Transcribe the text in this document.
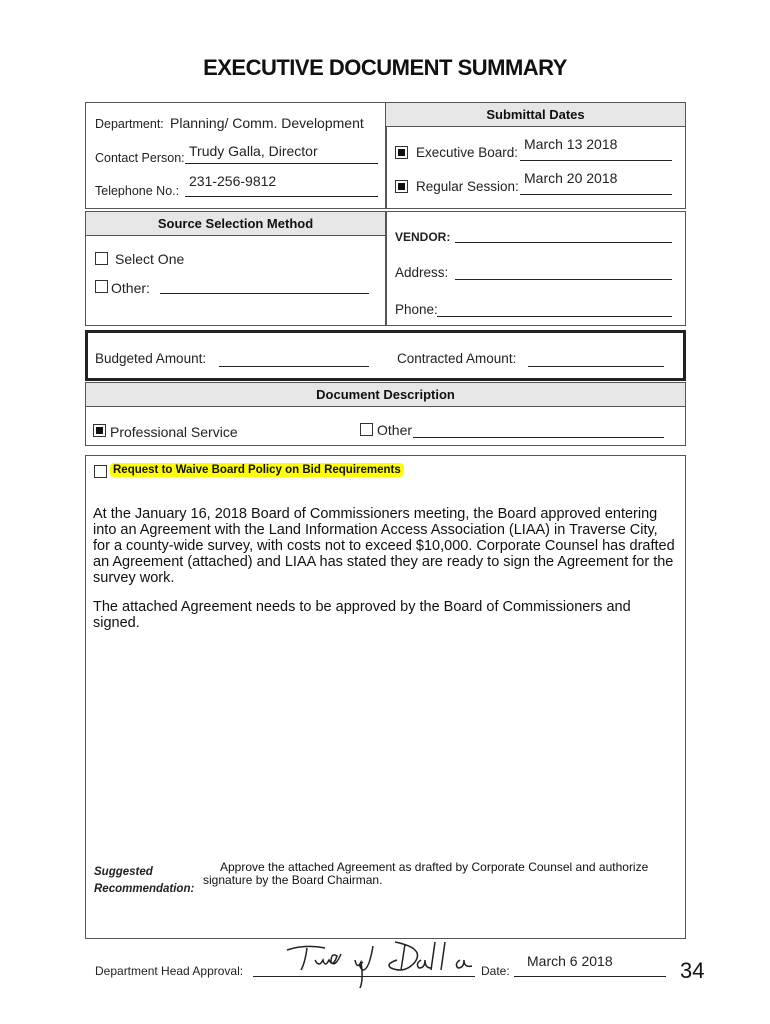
EXECUTIVE DOCUMENT SUMMARY
Submittal Dates
Department: Planning/ Comm. Development
Contact Person: Trudy Galla, Director
Telephone No.:
231-256-9812
Executive Board:
March 13 2018
Regular Session:
March 20 2018
Source Selection Method
Select One
Other:
VENDOR:
Address:
Phone:
Budgeted Amount:	Contracted Amount:
Document Description
Professional Service	Other
Request to Waive Board Policy on Bid Requirements
At the January 16, 2018 Board of Commissioners meeting, the Board approved entering into an Agreement with the Land Information Access Association (LIAA) in Traverse City, for a county-wide survey, with costs not to exceed $10,000. Corporate Counsel has drafted an Agreement (attached) and LIAA has stated they are ready to sign the Agreement for the survey work.
The attached Agreement needs to be approved by the Board of Commissioners and signed.
Suggested
Recommendation:
Approve the attached Agreement as drafted by Corporate Counsel and authorize signature by the Board Chairman.
Department Head Approval:	Date:
March 6 2018	34
